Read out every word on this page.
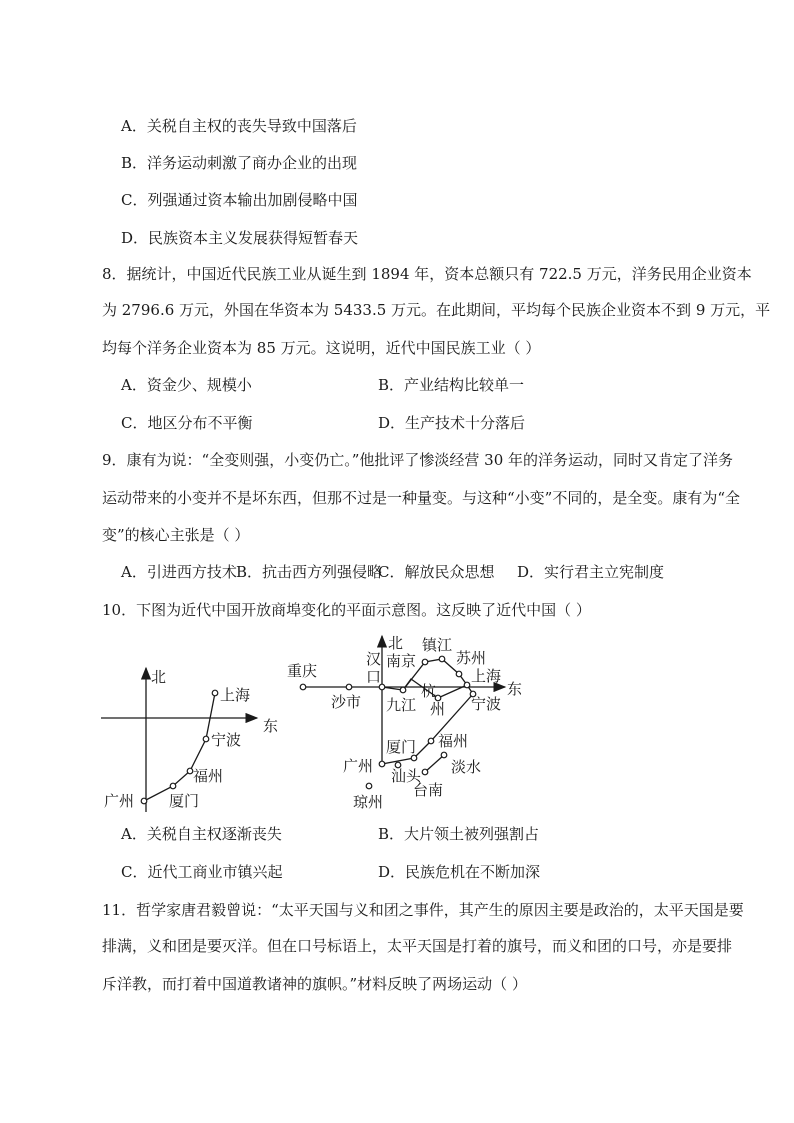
A．关税自主权的丧失导致中国落后
B．洋务运动刺激了商办企业的出现
C．列强通过资本输出加剧侵略中国
D．民族资本主义发展获得短暂春天
8．据统计，中国近代民族工业从诞生到 1894 年，资本总额只有 722.5 万元，洋务民用企业资本
为 2796.6 万元，外国在华资本为 5433.5 万元。在此期间，平均每个民族企业资本不到 9 万元，平
均每个洋务企业资本为 85 万元。这说明，近代中国民族工业（ ）
A．资金少、规模小	B．产业结构比较单一
C．地区分布不平衡	D．生产技术十分落后
9．康有为说：“全变则强，小变仍亡。”他批评了惨淡经营 30 年的洋务运动，同时又肯定了洋务
运动带来的小变并不是坏东西，但那不过是一种量变。与这种“小变”不同的，是全变。康有为“全
变”的核心主张是（ ）
A．引进西方技术 B．抗击西方列强侵略
C．解放民众思想 D．实行君主立宪制度
10．下图为近代中国开放商埠变化的平面示意图。这反映了近代中国（ ）
北
东
上海
宁波
福州
厦门
广州
北
东
重庆
沙市
汉
口
南京
镇江
苏州
上海
九江
杭
州 宁波
厦门 福州
广州
汕头 淡水
台南
琼州
A．关税自主权逐渐丧失	B．大片领土被列强割占
C．近代工商业市镇兴起	D．民族危机在不断加深
11．哲学家唐君毅曾说：“太平天国与义和团之事件，其产生的原因主要是政治的，太平天国是要
排满，义和团是要灭洋。但在口号标语上，太平天国是打着的旗号，而义和团的口号，亦是要排
斥洋教，而打着中国道教诸神的旗帜。”材料反映了两场运动（ ）
